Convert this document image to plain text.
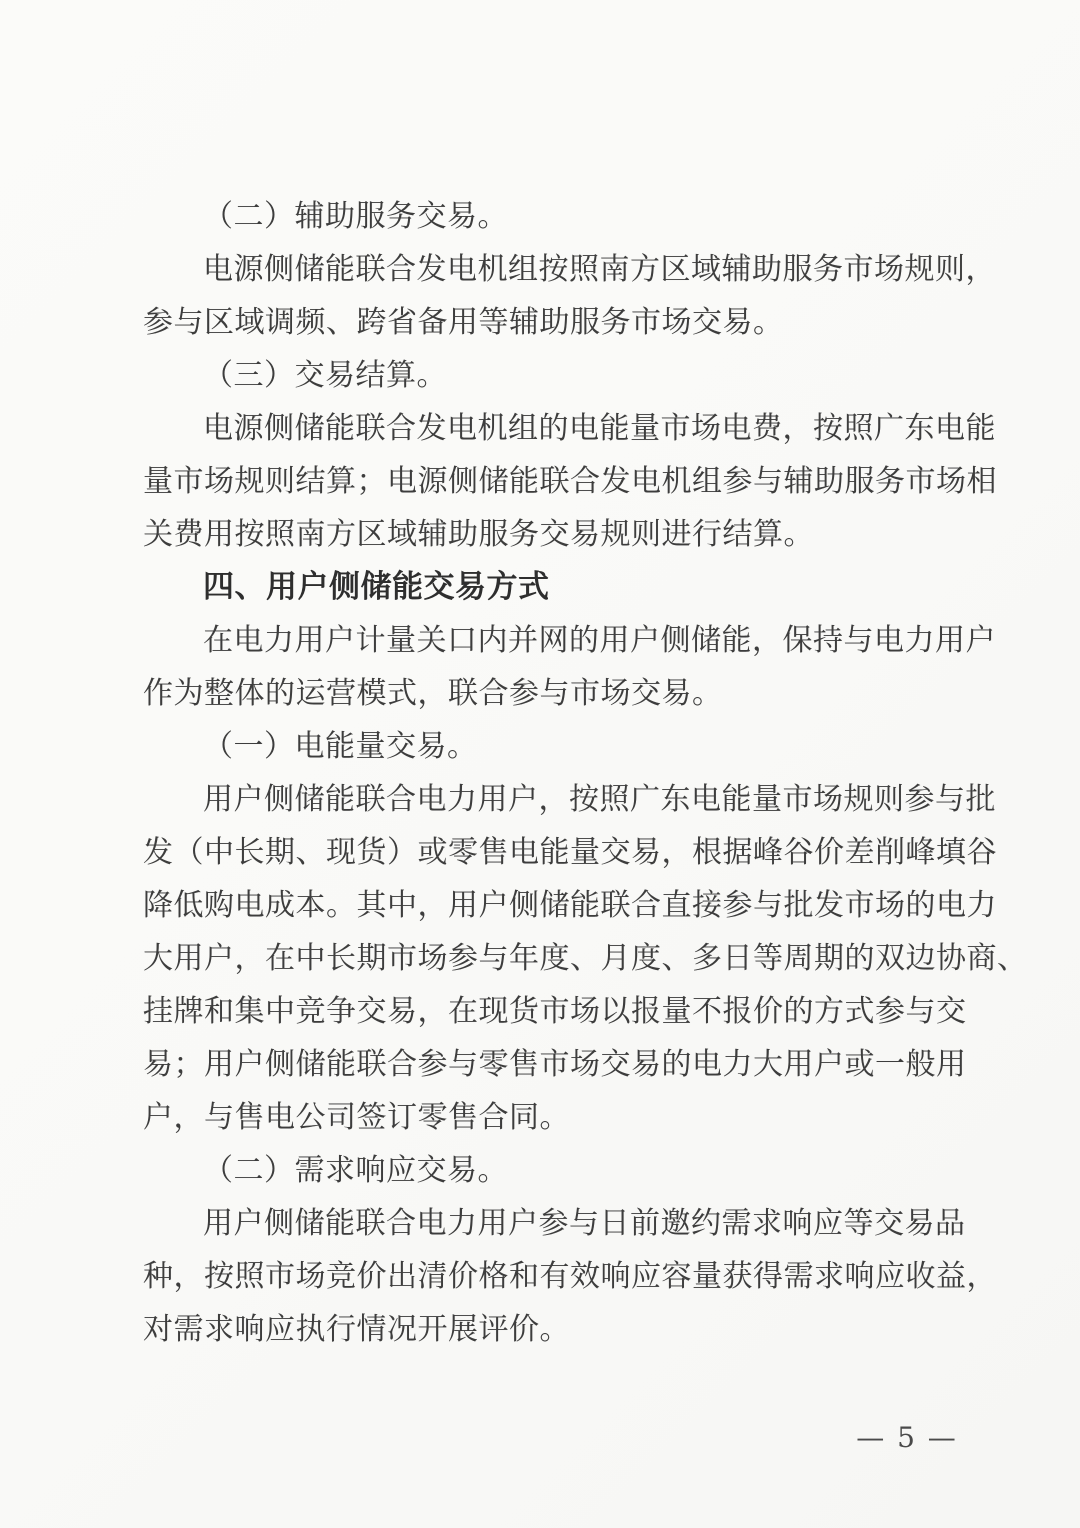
（二）辅助服务交易。
电源侧储能联合发电机组按照南方区域辅助服务市场规则，
参与区域调频、跨省备用等辅助服务市场交易。
（三）交易结算。
电源侧储能联合发电机组的电能量市场电费，按照广东电能
量市场规则结算；电源侧储能联合发电机组参与辅助服务市场相
关费用按照南方区域辅助服务交易规则进行结算。
四、用户侧储能交易方式
在电力用户计量关口内并网的用户侧储能，保持与电力用户
作为整体的运营模式，联合参与市场交易。
（一）电能量交易。
用户侧储能联合电力用户，按照广东电能量市场规则参与批
发（中长期、现货）或零售电能量交易，根据峰谷价差削峰填谷
降低购电成本。其中，用户侧储能联合直接参与批发市场的电力
大用户，在中长期市场参与年度、月度、多日等周期的双边协商、
挂牌和集中竞争交易，在现货市场以报量不报价的方式参与交
易；用户侧储能联合参与零售市场交易的电力大用户或一般用
户，与售电公司签订零售合同。
（二）需求响应交易。
用户侧储能联合电力用户参与日前邀约需求响应等交易品
种，按照市场竞价出清价格和有效响应容量获得需求响应收益，
对需求响应执行情况开展评价。
— 5 —
